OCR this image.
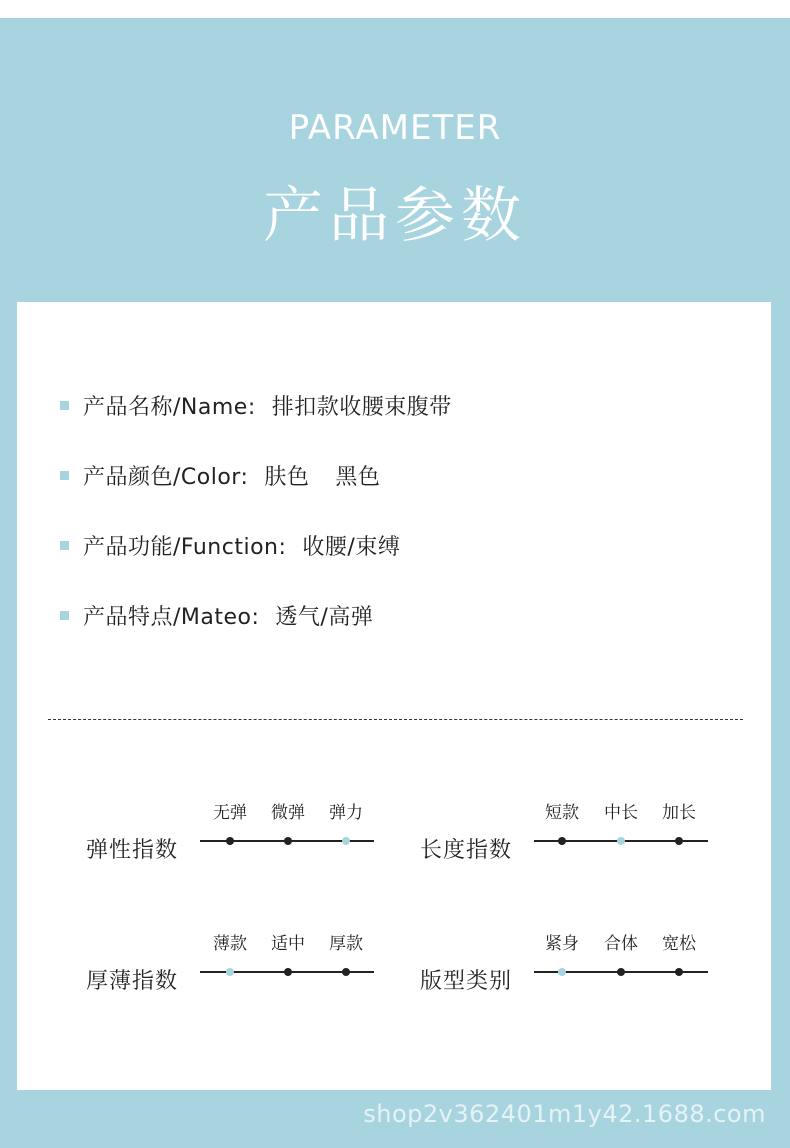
PARAMETER
产品参数
产品名称/Name: 排扣款收腰束腹带
产品颜色/Color: 肤色 黑色
产品功能/Function: 收腰/束缚
产品特点/Mateo: 透气/高弹
弹性指数
无弹	微弹	弹力
长度指数
短款	中长	加长
厚薄指数
薄款	适中	厚款
版型类别
紧身	合体	宽松
shop2v362401m1y42.1688.com
